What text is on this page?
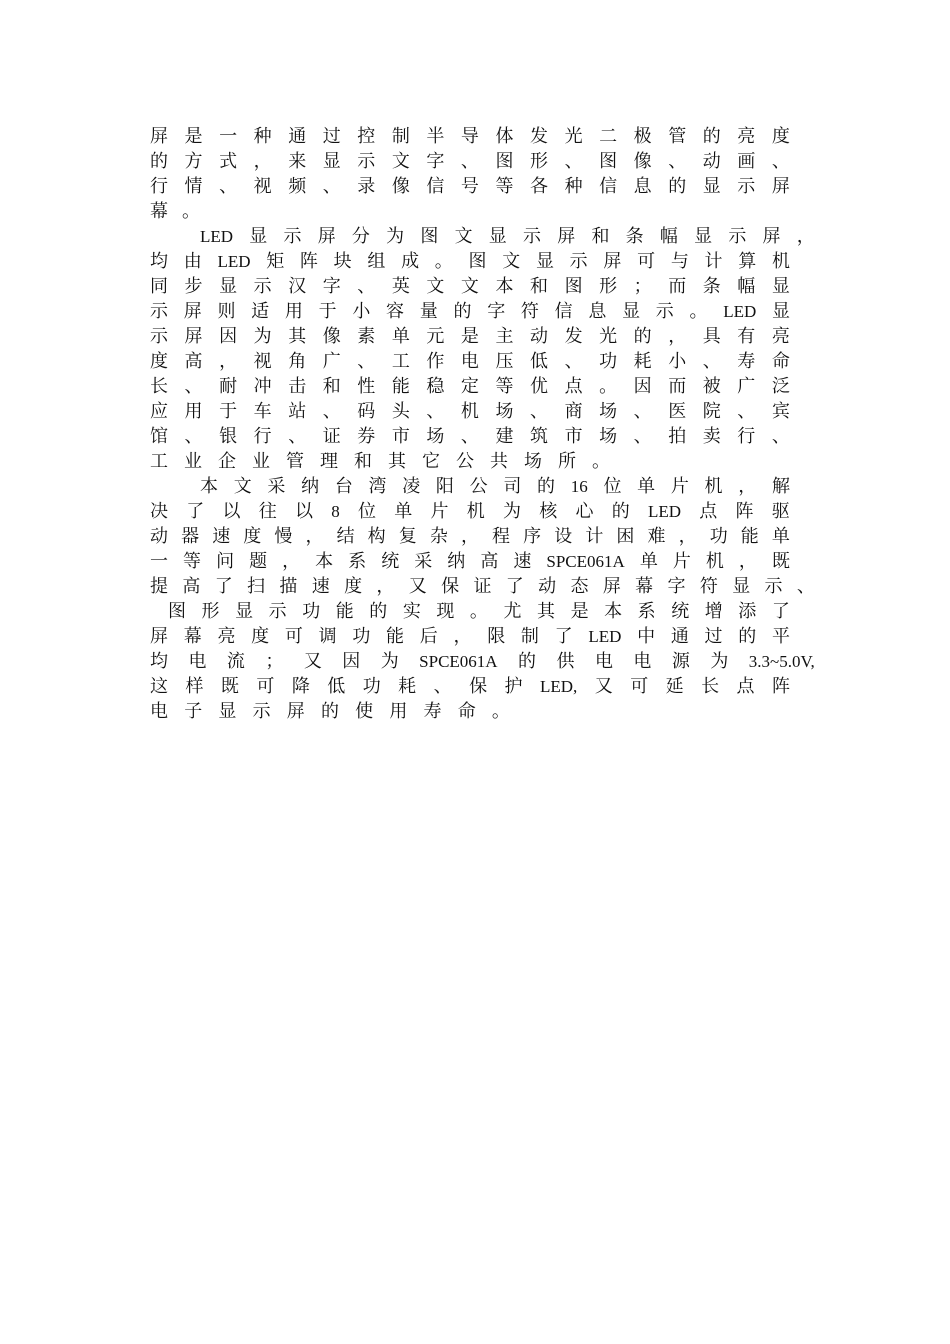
屏 是 一 种 通 过 控 制 半 导 体 发 光 二 极 管 的 亮 度
的 方 式 ， 来 显 示 文 字 、 图 形 、 图 像 、 动 画 、
行 情 、 视 频 、 录 像 信 号 等 各 种 信 息 的 显 示 屏
幕 。
LED 显 示 屏 分 为 图 文 显 示 屏 和 条 幅 显 示 屏 ，
均 由 LED 矩 阵 块 组 成 。 图 文 显 示 屏 可 与 计 算 机
同 步 显 示 汉 字 、 英 文 文 本 和 图 形 ； 而 条 幅 显
示 屏 则 适 用 于 小 容 量 的 字 符 信 息 显 示 。 LED 显
示 屏 因 为 其 像 素 单 元 是 主 动 发 光 的 ， 具 有 亮
度 高 ， 视 角 广 、 工 作 电 压 低 、 功 耗 小 、 寿 命
长 、 耐 冲 击 和 性 能 稳 定 等 优 点 。 因 而 被 广 泛
应 用 于 车 站 、 码 头 、 机 场 、 商 场 、 医 院 、 宾
馆 、 银 行 、 证 券 市 场 、 建 筑 市 场 、 拍 卖 行 、
工 业 企 业 管 理 和 其 它 公 共 场 所 。
本 文 采 纳 台 湾 凌 阳 公 司 的 16 位 单 片 机 ， 解
决 了 以 往 以 8 位 单 片 机 为 核 心 的 LED 点 阵 驱
动 器 速 度 慢 ， 结 构 复 杂 ， 程 序 设 计 困 难 ， 功 能 单
一 等 问 题 ， 本 系 统 采 纳 高 速 SPCE061A 单 片 机 ， 既
提 高 了 扫 描 速 度 ， 又 保 证 了 动 态 屏 幕 字 符 显 示 、
图 形 显 示 功 能 的 实 现 。 尤 其 是 本 系 统 增 添 了
屏 幕 亮 度 可 调 功 能 后 ， 限 制 了 LED 中 通 过 的 平
均 电 流 ； 又 因 为 SPCE061A 的 供 电 电 源 为 3.3~5.0V,
这 样 既 可 降 低 功 耗 、 保 护 LED, 又 可 延 长 点 阵
电 子 显 示 屏 的 使 用 寿 命 。
